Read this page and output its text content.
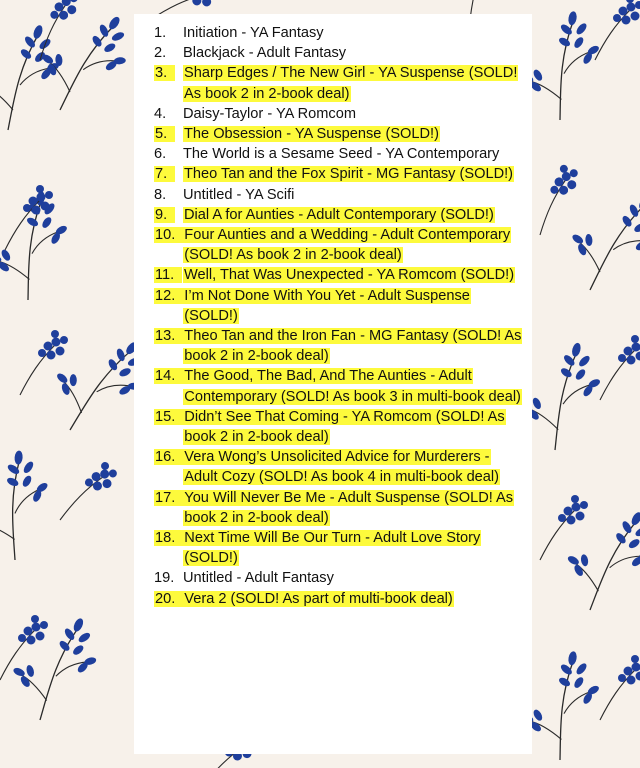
1.	Initiation - YA Fantasy
2.	Blackjack - Adult Fantasy
3.	Sharp Edges / The New Girl - YA Suspense (SOLD! As book 2 in 2-book deal)
4.	Daisy-Taylor - YA Romcom
5.	The Obsession - YA Suspense (SOLD!)
6.	The World is a Sesame Seed - YA Contemporary
7.	Theo Tan and the Fox Spirit - MG Fantasy (SOLD!)
8.	Untitled - YA Scifi
9.	Dial A for Aunties - Adult Contemporary (SOLD!)
10. Four Aunties and a Wedding - Adult Contemporary (SOLD! As book 2 in 2-book deal)
11. Well, That Was Unexpected - YA Romcom (SOLD!)
12. I’m Not Done With You Yet - Adult Suspense (SOLD!)
13. Theo Tan and the Iron Fan - MG Fantasy (SOLD! As book 2 in 2-book deal)
14. The Good, The Bad, And The Aunties - Adult Contemporary (SOLD! As book 3 in multi-book deal)
15. Didn’t See That Coming - YA Romcom (SOLD! As book 2 in 2-book deal)
16. Vera Wong’s Unsolicited Advice for Murderers - Adult Cozy (SOLD! As book 4 in multi-book deal)
17. You Will Never Be Me - Adult Suspense (SOLD! As book 2 in 2-book deal)
18. Next Time Will Be Our Turn - Adult Love Story (SOLD!)
19. Untitled - Adult Fantasy
20. Vera 2 (SOLD! As part of multi-book deal)
